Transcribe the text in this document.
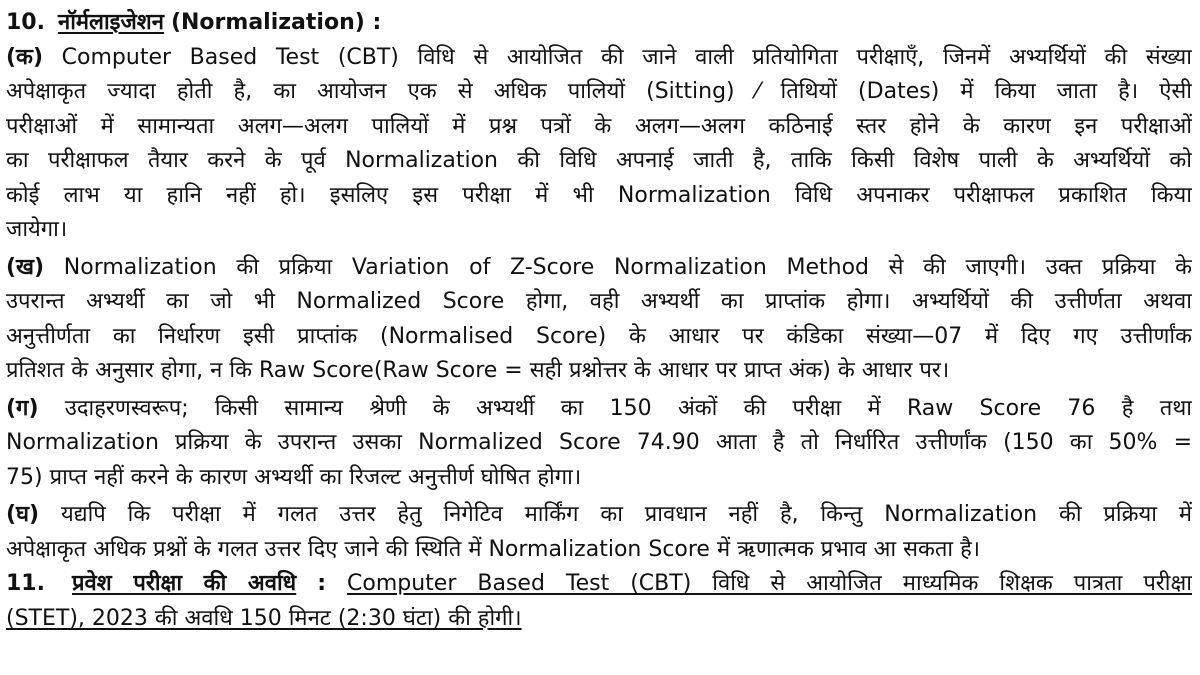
10. नॉर्मलाइजेशन (Normalization) :
(क) Computer Based Test (CBT) विधि से आयोजित की जाने वाली प्रतियोगिता परीक्षाएँ, जिनमें अभ्यर्थियों की संख्या
अपेक्षाकृत ज्यादा होती है, का आयोजन एक से अधिक पालियों (Sitting) ⁄ तिथियों (Dates) में किया जाता है। ऐसी
परीक्षाओं में सामान्यता अलग—अलग पालियों में प्रश्न पत्रों के अलग—अलग कठिनाई स्तर होने के कारण इन परीक्षाओं
का परीक्षाफल तैयार करने के पूर्व Normalization की विधि अपनाई जाती है, ताकि किसी विशेष पाली के अभ्यर्थियों को
कोई लाभ या हानि नहीं हो। इसलिए इस परीक्षा में भी Normalization विधि अपनाकर परीक्षाफल प्रकाशित किया
जायेगा।
(ख) Normalization की प्रक्रिया Variation of Z-Score Normalization Method से की जाएगी। उक्त प्रक्रिया के
उपरान्त अभ्यर्थी का जो भी Normalized Score होगा, वही अभ्यर्थी का प्राप्तांक होगा। अभ्यर्थियों की उत्तीर्णता अथवा
अनुत्तीर्णता का निर्धारण इसी प्राप्तांक (Normalised Score) के आधार पर कंडिका संख्या—07 में दिए गए उत्तीर्णांक
प्रतिशत के अनुसार होगा, न कि Raw Score(Raw Score = सही प्रश्नोत्तर के आधार पर प्राप्त अंक) के आधार पर।
(ग) उदाहरणस्वरूप; किसी सामान्य श्रेणी के अभ्यर्थी का 150 अंकों की परीक्षा में Raw Score 76 है तथा
Normalization प्रक्रिया के उपरान्त उसका Normalized Score 74.90 आता है तो निर्धारित उत्तीर्णांक (150 का 50% =
75) प्राप्त नहीं करने के कारण अभ्यर्थी का रिजल्ट अनुत्तीर्ण घोषित होगा।
(घ) यद्यपि कि परीक्षा में गलत उत्तर हेतु निगेटिव मार्किंग का प्रावधान नहीं है, किन्तु Normalization की प्रक्रिया में
अपेक्षाकृत अधिक प्रश्नों के गलत उत्तर दिए जाने की स्थिति में Normalization Score में ऋणात्मक प्रभाव आ सकता है।
11. प्रवेश परीक्षा की अवधि : Computer Based Test (CBT) विधि से आयोजित माध्यमिक शिक्षक पात्रता परीक्षा
(STET), 2023 की अवधि 150 मिनट (2:30 घंटा) की होगी।
